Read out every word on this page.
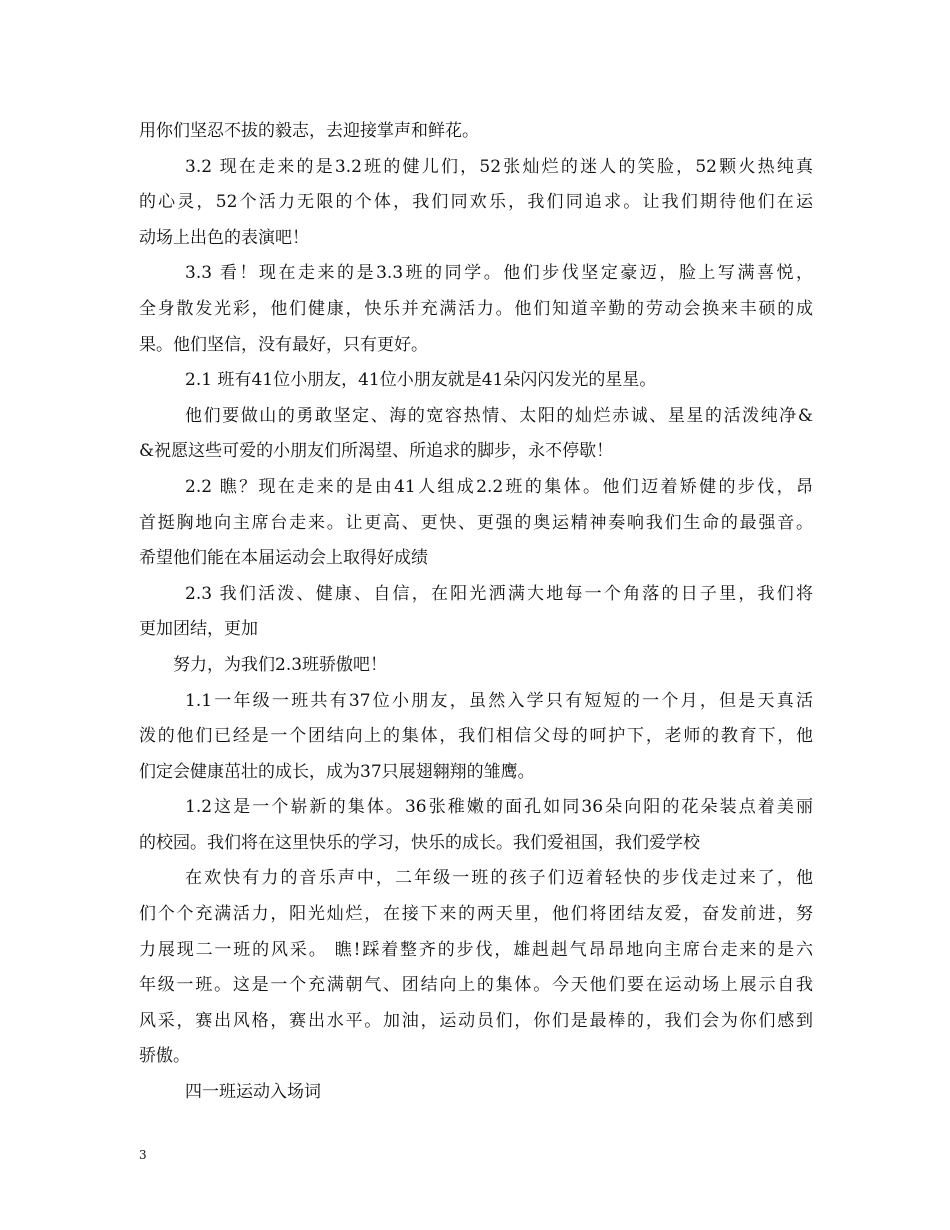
用你们坚忍不拔的毅志，去迎接掌声和鲜花。
3.2 现在走来的是3.2班的健儿们，52张灿烂的迷人的笑脸，52颗火热纯真
的心灵，52个活力无限的个体，我们同欢乐，我们同追求。让我们期待他们在运
动场上出色的表演吧！
3.3 看！现在走来的是3.3班的同学。他们步伐坚定豪迈，脸上写满喜悦，
全身散发光彩，他们健康，快乐并充满活力。他们知道辛勤的劳动会换来丰硕的成
果。他们坚信，没有最好，只有更好。
2.1 班有41位小朋友，41位小朋友就是41朵闪闪发光的星星。
他们要做山的勇敢坚定、海的宽容热情、太阳的灿烂赤诚、星星的活泼纯净&
&祝愿这些可爱的小朋友们所渴望、所追求的脚步，永不停歇！
2.2 瞧？现在走来的是由41人组成2.2班的集体。他们迈着矫健的步伐，昂
首挺胸地向主席台走来。让更高、更快、更强的奥运精神奏响我们生命的最强音。
希望他们能在本届运动会上取得好成绩
2.3 我们活泼、健康、自信，在阳光洒满大地每一个角落的日子里，我们将
更加团结，更加
努力，为我们2.3班骄傲吧！
1.1一年级一班共有37位小朋友，虽然入学只有短短的一个月，但是天真活
泼的他们已经是一个团结向上的集体，我们相信父母的呵护下，老师的教育下，他
们定会健康茁壮的成长，成为37只展翅翱翔的雏鹰。
1.2这是一个崭新的集体。36张稚嫩的面孔如同36朵向阳的花朵装点着美丽
的校园。我们将在这里快乐的学习，快乐的成长。我们爱祖国，我们爱学校
在欢快有力的音乐声中，二年级一班的孩子们迈着轻快的步伐走过来了，他
们个个充满活力，阳光灿烂，在接下来的两天里，他们将团结友爱，奋发前进，努
力展现二一班的风采。 瞧!踩着整齐的步伐，雄赳赳气昂昂地向主席台走来的是六
年级一班。这是一个充满朝气、团结向上的集体。今天他们要在运动场上展示自我
风采，赛出风格，赛出水平。加油，运动员们，你们是最棒的，我们会为你们感到
骄傲。
四一班运动入场词
3
